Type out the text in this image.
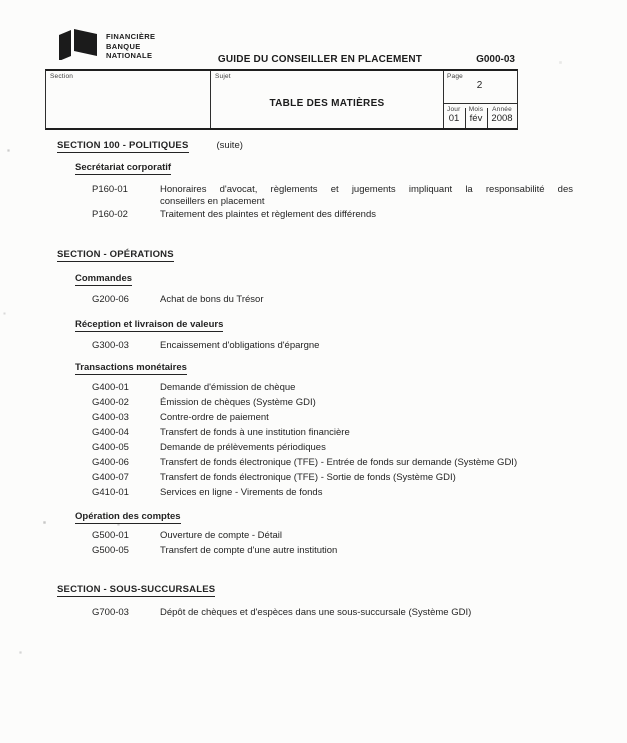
FINANCIÈRE
BANQUE
NATIONALE	GUIDE DU CONSEILLER EN PLACEMENT	G000-03
Section	Sujet
TABLE DES MATIÈRES
Page
2
Jour	Mois	Année
01	fév 2008
SECTION 100 - POLITIQUES	(suite)
Secrétariat corporatif
P160-01	Honoraires d'avocat, règlements et jugements impliquant la responsabilité des
conseillers en placement
P160-02	Traitement des plaintes et règlement des différends
SECTION - OPÉRATIONS
Commandes
G200-06	Achat de bons du Trésor
Réception et livraison de valeurs
G300-03	Encaissement d'obligations d'épargne
Transactions monétaires
G400-01	Demande d'émission de chèque
G400-02	Émission de chèques (Système GDI)
G400-03	Contre-ordre de paiement
G400-04	Transfert de fonds à une institution financière
G400-05	Demande de prélèvements périodiques
G400-06	Transfert de fonds électronique (TFE) - Entrée de fonds sur demande (Système GDI)
G400-07	Transfert de fonds électronique (TFE) - Sortie de fonds (Système GDI)
G410-01	Services en ligne - Virements de fonds
Opération des comptes
G500-01	Ouverture de compte - Détail
G500-05	Transfert de compte d'une autre institution
SECTION - SOUS-SUCCURSALES
G700-03	Dépôt de chèques et d'espèces dans une sous-succursale (Système GDI)
